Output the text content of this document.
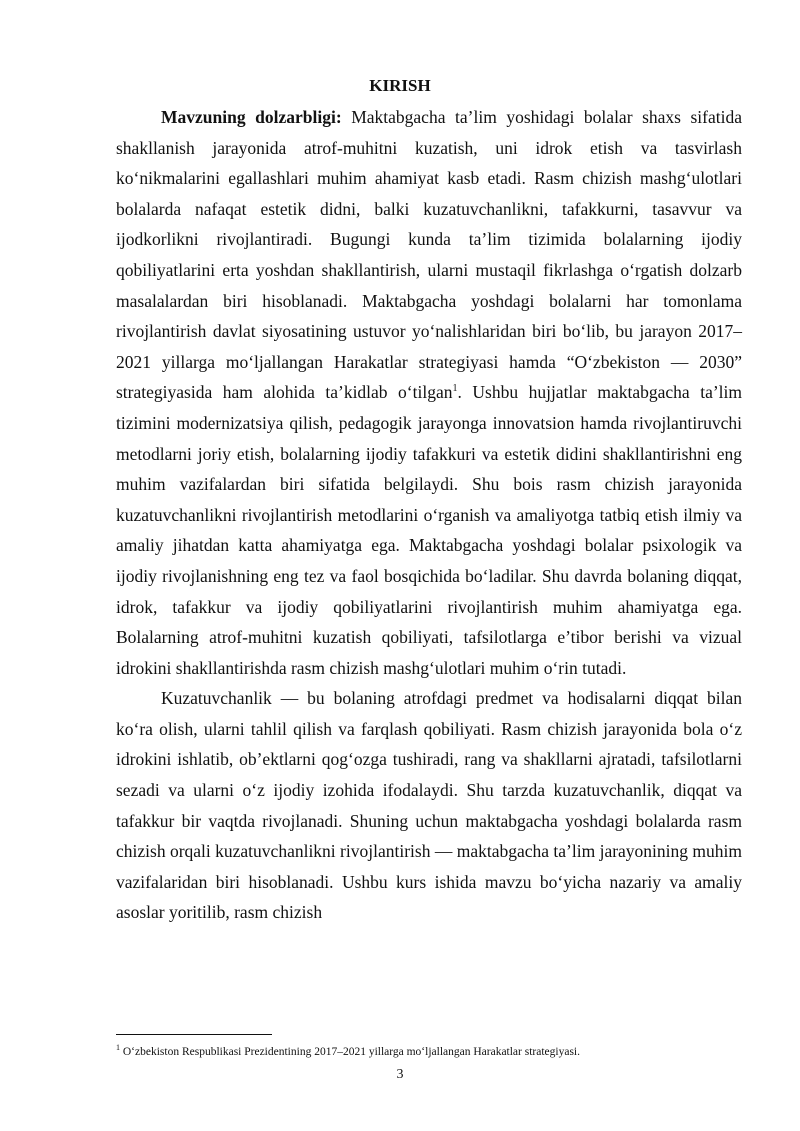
KIRISH

Mavzuning dolzarbligi: Maktabgacha ta’lim yoshidagi bolalar shaxs sifatida shakllanish jarayonida atrof-muhitni kuzatish, uni idrok etish va tasvirlash ko‘nikmalarini egallashlari muhim ahamiyat kasb etadi. Rasm chizish mashg‘ulotlari bolalarda nafaqat estetik didni, balki kuzatuvchanlikni, tafakkurni, tasavvur va ijodkorlikni rivojlantiradi. Bugungi kunda ta’lim tizimida bolalarning ijodiy qobiliyatlarini erta yoshdan shakllantirish, ularni mustaqil fikrlashga o‘rgatish dolzarb masalalardan biri hisoblanadi. Maktabgacha yoshdagi bolalarni har tomonlama rivojlantirish davlat siyosatining ustuvor yo‘nalishlaridan biri bo‘lib, bu jarayon 2017–2021 yillarga mo‘ljallangan Harakatlar strategiyasi hamda “O‘zbekiston — 2030” strategiyasida ham alohida ta’kidlab o‘tilgan$^1$. Ushbu hujjatlar maktabgacha ta’lim tizimini modernizatsiya qilish, pedagogik jarayonga innovatsion hamda rivojlantiruvchi metodlarni joriy etish, bolalarning ijodiy tafakkuri va estetik didini shakllantirishni eng muhim vazifalardan biri sifatida belgilaydi. Shu bois rasm chizish jarayonida kuzatuvchanlikni rivojlantirish metodlarini o‘rganish va amaliyotga tatbiq etish ilmiy va amaliy jihatdan katta ahamiyatga ega. Maktabgacha yoshdagi bolalar psixologik va ijodiy rivojlanishning eng tez va faol bosqichida bo‘ladilar. Shu davrda bolaning diqqat, idrok, tafakkur va ijodiy qobiliyatlarini rivojlantirish muhim ahamiyatga ega. Bolalarning atrof-muhitni kuzatish qobiliyati, tafsilotlarga e’tibor berishi va vizual idrokini shakllantirishda rasm chizish mashg‘ulotlari muhim o‘rin tutadi.

Kuzatuvchanlik — bu bolaning atrofdagi predmet va hodisalarni diqqat bilan ko‘ra olish, ularni tahlil qilish va farqlash qobiliyati. Rasm chizish jarayonida bola o‘z idrokini ishlatib, ob’ektlarni qog‘ozga tushiradi, rang va shakllarni ajratadi, tafsilotlarni sezadi va ularni o‘z ijodiy izohida ifodalaydi. Shu tarzda kuzatuvchanlik, diqqat va tafakkur bir vaqtda rivojlanadi. Shuning uchun maktabgacha yoshdagi bolalarda rasm chizish orqali kuzatuvchanlikni rivojlantirish — maktabgacha ta’lim jarayonining muhim vazifalaridan biri hisoblanadi. Ushbu kurs ishida mavzu bo‘yicha nazariy va amaliy asoslar yoritilib, rasm chizish

$^1$ O‘zbekiston Respublikasi Prezidentining 2017–2021 yillarga mo‘ljallangan Harakatlar strategiyasi.
3
